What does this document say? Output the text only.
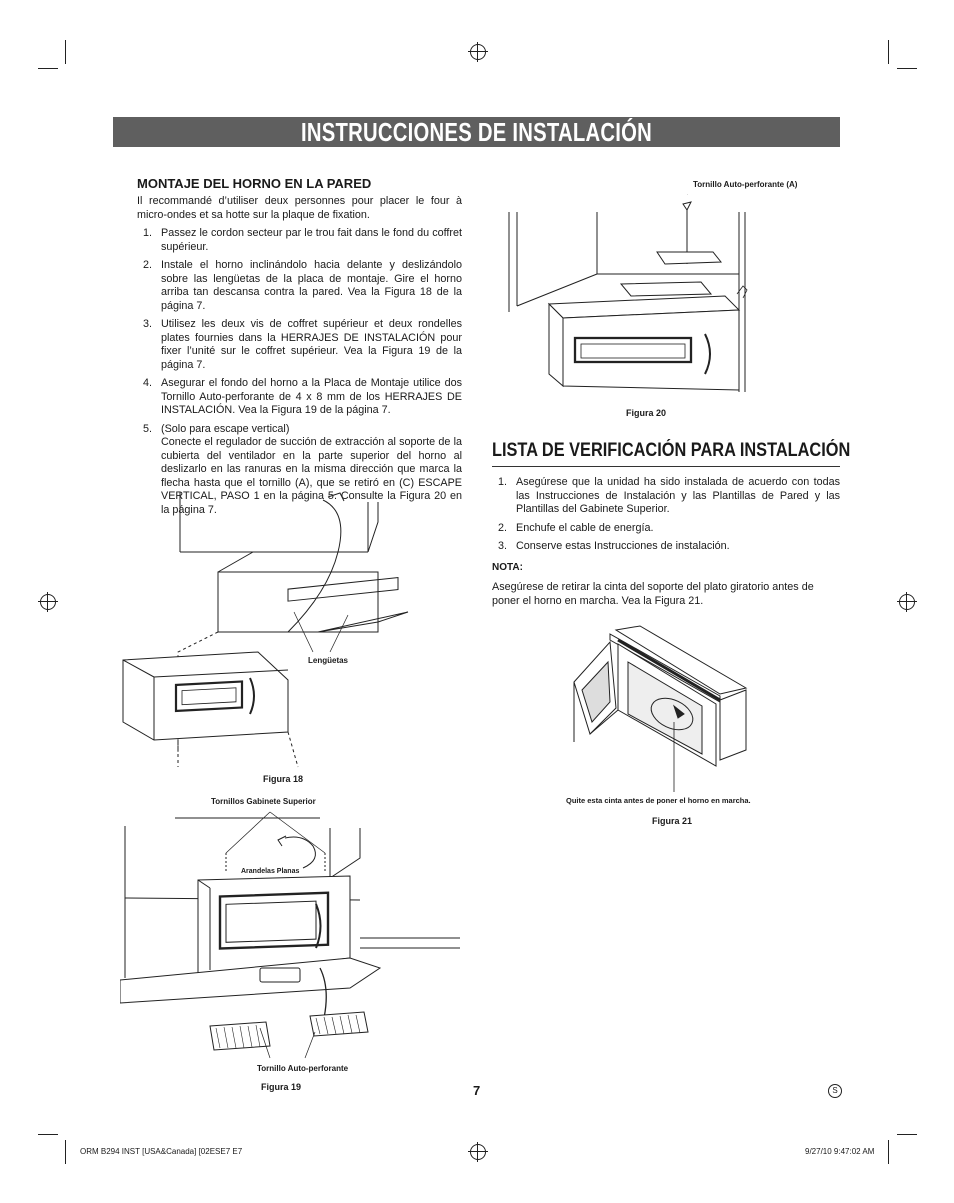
INSTRUCCIONES DE INSTALACIÓN
MONTAJE DEL HORNO EN LA PARED
Il recommandé d’utiliser deux personnes pour placer le four à micro-ondes et sa hotte sur la plaque de fixation.
1. Passez le cordon secteur par le trou fait dans le fond du coffret supérieur.
2. Instale el horno inclinándolo hacia delante y deslizándolo sobre las lengüetas de la placa de montaje. Gire el horno arriba tan descansa contra la pared. Vea la Figura 18 de la página 7.
3. Utilisez les deux vis de coffret supérieur et deux rondelles plates fournies dans la HERRAJES DE INSTALACIÓN pour fixer l’unité sur le coffret supérieur. Vea la Figura 19 de la página 7.
4. Asegurar el fondo del horno a la Placa de Montaje utilice dos Tornillo Auto-perforante de 4 x 8 mm de los HERRAJES DE INSTALACIÓN. Vea la Figura 19 de la página 7.
5. (Solo para escape vertical)
Conecte el regulador de succión de extracción al soporte de la cubierta del ventilador en la parte superior del horno al deslizarlo en las ranuras en la misma dirección que marca la flecha hasta que el tornillo (A), que se retiró en (C) ESCAPE VERTICAL, PASO 1 en la página 5. Consulte la Figura 20 en la página 7.
Lengüetas
Figura 18
Tornillos Gabinete Superior
Arandelas Planas
Tornillo Auto-perforante
Figura 19
Tornillo Auto-perforante (A)
Figura 20
LISTA DE VERIFICACIÓN PARA INSTALACIÓN
1. Asegúrese que la unidad ha sido instalada de acuerdo con todas las Instrucciones de Instalación y las Plantillas de Pared y las Plantillas del Gabinete Superior.
2. Enchufe el cable de energía.
3. Conserve estas Instrucciones de instalación.
NOTA:
Asegúrese de retirar la cinta del soporte del plato giratorio antes de poner el horno en marcha. Vea la Figura 21.
Quite esta cinta antes de poner el horno en marcha.
Figura 21
7	S
ORM B294 INST [USA&Canada] [02ESE7 E7	9/27/10 9:47:02 AM
